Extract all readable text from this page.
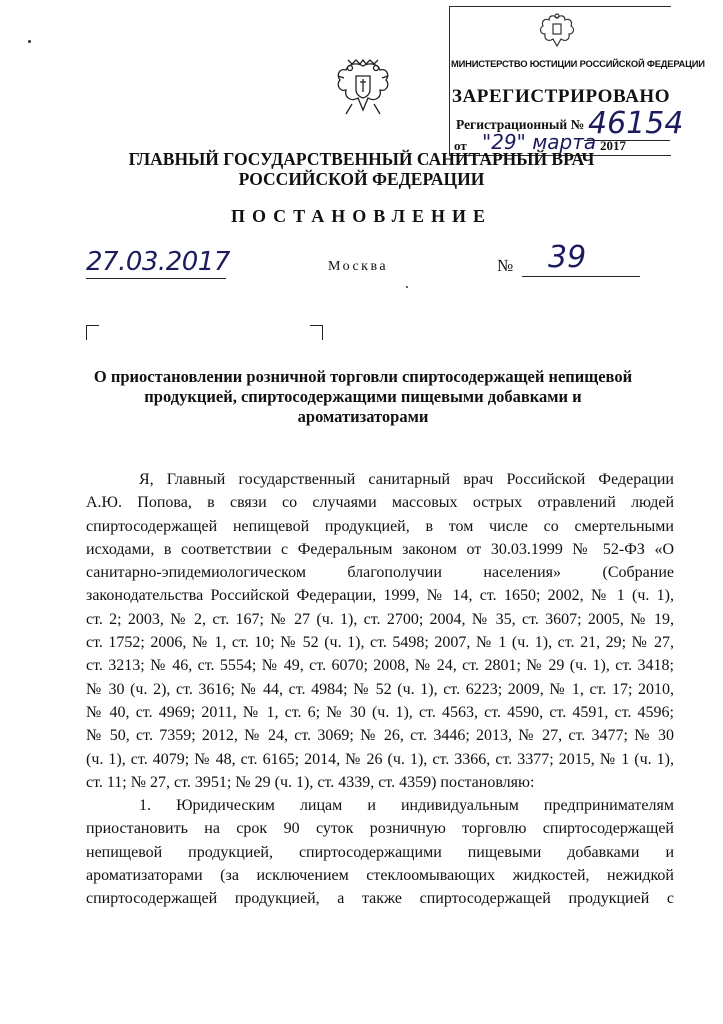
МИНИСТЕРСТВО ЮСТИЦИИ РОССИЙСКОЙ ФЕДЕРАЦИИ
ЗАРЕГИСТРИРОВАНО
Регистрационный № 46154
от "29" марта 2017
ГЛАВНЫЙ ГОСУДАРСТВЕННЫЙ САНИТАРНЫЙ ВРАЧ
РОССИЙСКОЙ ФЕДЕРАЦИИ
ПОСТАНОВЛЕНИЕ
27.03.2017	Москва	№ 39
О приостановлении розничной торговли спиртосодержащей непищевой
продукцией, спиртосодержащими пищевыми добавками и
ароматизаторами
Я, Главный государственный санитарный врач Российской Федерации
А.Ю. Попова, в связи со случаями массовых острых отравлений людей
спиртосодержащей непищевой продукцией, в том числе со смертельными
исходами, в соответствии с Федеральным законом от 30.03.1999 № 52-ФЗ «О
санитарно-эпидемиологическом благополучии населения» (Собрание
законодательства Российской Федерации, 1999, № 14, ст. 1650; 2002, № 1 (ч. 1),
ст. 2; 2003, № 2, ст. 167; № 27 (ч. 1), ст. 2700; 2004, № 35, ст. 3607; 2005, № 19,
ст. 1752; 2006, № 1, ст. 10; № 52 (ч. 1), ст. 5498; 2007, № 1 (ч. 1), ст. 21, 29; № 27,
ст. 3213; № 46, ст. 5554; № 49, ст. 6070; 2008, № 24, ст. 2801; № 29 (ч. 1), ст. 3418;
№ 30 (ч. 2), ст. 3616; № 44, ст. 4984; № 52 (ч. 1), ст. 6223; 2009, № 1, ст. 17; 2010,
№ 40, ст. 4969; 2011, № 1, ст. 6; № 30 (ч. 1), ст. 4563, ст. 4590, ст. 4591, ст. 4596;
№ 50, ст. 7359; 2012, № 24, ст. 3069; № 26, ст. 3446; 2013, № 27, ст. 3477; № 30
(ч. 1), ст. 4079; № 48, ст. 6165; 2014, № 26 (ч. 1), ст. 3366, ст. 3377; 2015, № 1 (ч. 1),
ст. 11; № 27, ст. 3951; № 29 (ч. 1), ст. 4339, ст. 4359) постановляю:
1. Юридическим лицам и индивидуальным предпринимателям
приостановить на срок 90 суток розничную торговлю спиртосодержащей
непищевой продукцией, спиртосодержащими пищевыми добавками и
ароматизаторами (за исключением стеклоомывающих жидкостей, нежидкой
спиртосодержащей продукцией, а также спиртосодержащей продукцией с
